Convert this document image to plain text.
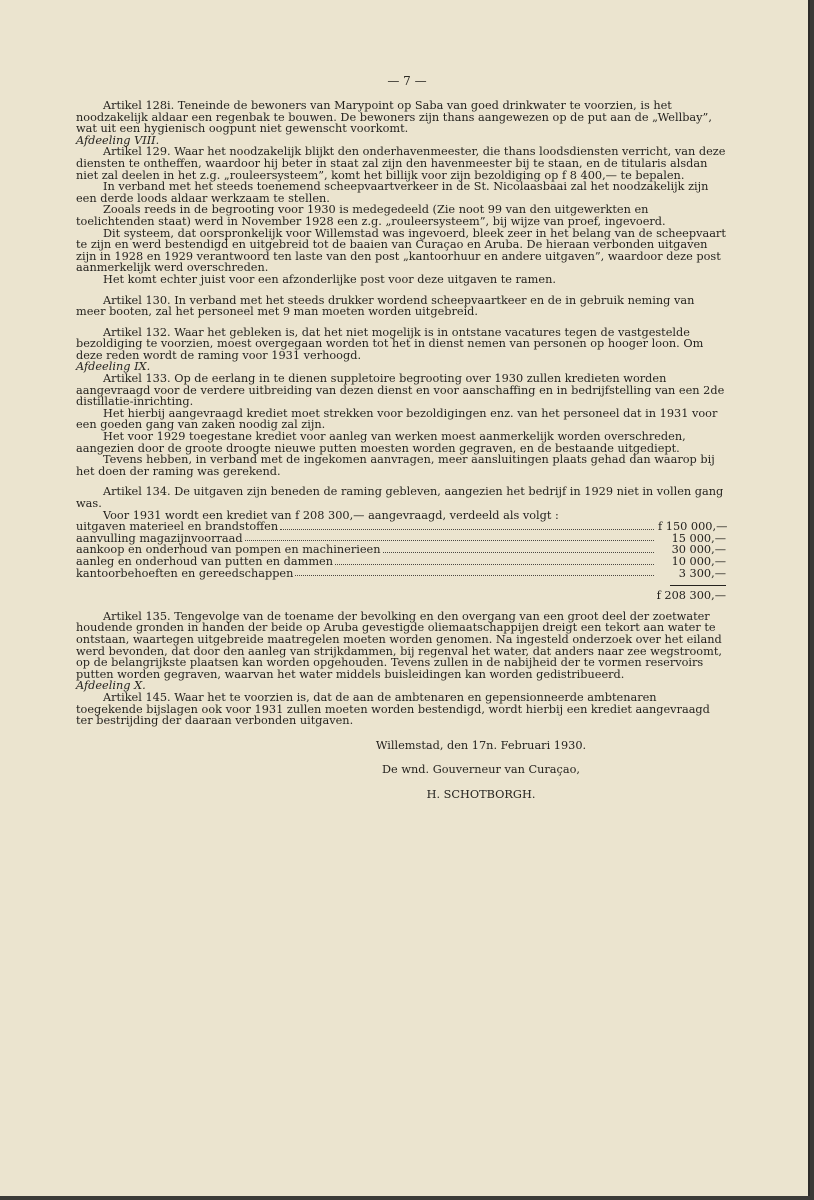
— 7 —

Artikel 128i. Teneinde de bewoners van Marypoint op Saba van goed drinkwater te voorzien, is het noodzakelijk aldaar een regenbak te bouwen. De bewoners zijn thans aangewezen op de put aan de „Wellbay”, wat uit een hygienisch oogpunt niet gewenscht voorkomt.

Afdeeling VIII.

Artikel 129. Waar het noodzakelijk blijkt den onderhavenmeester, die thans loodsdiensten verricht, van deze diensten te ontheffen, waardoor hij beter in staat zal zijn den havenmeester bij te staan, en de titularis alsdan niet zal deelen in het z.g. „rouleersysteem”, komt het billijk voor zijn bezoldiging op f 8 400,— te bepalen.

In verband met het steeds toenemend scheepvaartverkeer in de St. Nicolaasbaai zal het noodzakelijk zijn een derde loods aldaar werkzaam te stellen.

Zooals reeds in de begrooting voor 1930 is medegedeeld (Zie noot 99 van den uitgewerkten en toelichtenden staat) werd in November 1928 een z.g. „rouleersysteem”, bij wijze van proef, ingevoerd.

Dit systeem, dat oorspronkelijk voor Willemstad was ingevoerd, bleek zeer in het belang van de scheepvaart te zijn en werd bestendigd en uitgebreid tot de baaien van Curaçao en Aruba. De hieraan verbonden uitgaven zijn in 1928 en 1929 verantwoord ten laste van den post „kantoorhuur en andere uitgaven”, waardoor deze post aanmerkelijk werd overschreden.

Het komt echter juist voor een afzonderlijke post voor deze uitgaven te ramen.

Artikel 130. In verband met het steeds drukker wordend scheepvaartkeer en de in gebruik neming van meer booten, zal het personeel met 9 man moeten worden uitgebreid.

Artikel 132. Waar het gebleken is, dat het niet mogelijk is in ontstane vacatures tegen de vastgestelde bezoldiging te voorzien, moest overgegaan worden tot het in dienst nemen van personen op hooger loon. Om deze reden wordt de raming voor 1931 verhoogd.

Afdeeling IX.

Artikel 133. Op de eerlang in te dienen suppletoire begrooting over 1930 zullen kredieten worden aangevraagd voor de verdere uitbreiding van dezen dienst en voor aanschaffing en in bedrijfstelling van een 2de distillatie-inrichting.

Het hierbij aangevraagd krediet moet strekken voor bezoldigingen enz. van het personeel dat in 1931 voor een goeden gang van zaken noodig zal zijn.

Het voor 1929 toegestane krediet voor aanleg van werken moest aanmerkelijk worden overschreden, aangezien door de groote droogte nieuwe putten moesten worden gegraven, en de bestaande uitgediept.

Tevens hebben, in verband met de ingekomen aanvragen, meer aansluitingen plaats gehad dan waarop bij het doen der raming was gerekend.

Artikel 134. De uitgaven zijn beneden de raming gebleven, aangezien het bedrijf in 1929 niet in vollen gang was.

Voor 1931 wordt een krediet van f 208 300,— aangevraagd, verdeeld als volgt :

uitgaven materieel en brandstoffen	f 150 000,—
aanvulling magazijnvoorraad	15 000,—
aankoop en onderhoud van pompen en machinerieen	30 000,—
aanleg en onderhoud van putten en dammen	10 000,—
kantoorbehoeften en gereedschappen	3 300,—
f 208 300,—

Artikel 135. Tengevolge van de toename der bevolking en den overgang van een groot deel der zoetwater houdende gronden in handen der beide op Aruba gevestigde oliemaatschappijen dreigt een tekort aan water te ontstaan, waartegen uitgebreide maatregelen moeten worden genomen. Na ingesteld onderzoek over het eiland werd bevonden, dat door den aanleg van strijkdammen, bij regenval het water, dat anders naar zee wegstroomt, op de belangrijkste plaatsen kan worden opgehouden. Tevens zullen in de nabijheid der te vormen reservoirs putten worden gegraven, waarvan het water middels buisleidingen kan worden gedistribueerd.

Afdeeling X.

Artikel 145. Waar het te voorzien is, dat de aan de ambtenaren en gepensionneerde ambtenaren toegekende bijslagen ook voor 1931 zullen moeten worden bestendigd, wordt hierbij een krediet aangevraagd ter bestrijding der daaraan verbonden uitgaven.

Willemstad, den 17n. Februari 1930.
De wnd. Gouverneur van Curaçao,
H. SCHOTBORGH.
